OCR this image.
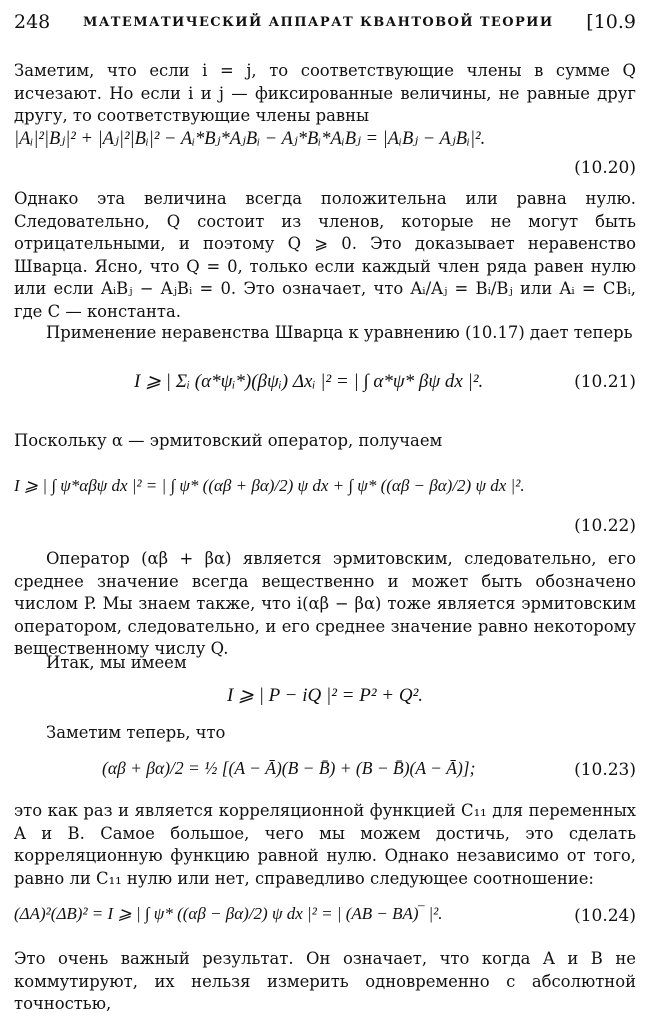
248	МАТЕМАТИЧЕСКИЙ АППАРАТ КВАНТОВОЙ ТЕОРИИ [10.9

Заметим, что если i = j, то соответствующие члены в сумме Q исчезают. Но если i и j — фиксированные величины, не равные друг другу, то соответствующие члены равны

|Aᵢ|²|Bⱼ|² + |Aⱼ|²|Bᵢ|² − Aᵢ*Bⱼ*AⱼBᵢ − Aⱼ*Bᵢ*AᵢBⱼ = |AᵢBⱼ − AⱼBᵢ|².
(10.20)

Однако эта величина всегда положительна или равна нулю. Следовательно, Q состоит из членов, которые не могут быть отрицательными, и поэтому Q ⩾ 0. Это доказывает неравенство Шварца. Ясно, что Q = 0, только если каждый член ряда равен нулю или если AᵢBⱼ − AⱼBᵢ = 0. Это означает, что Aᵢ/Aⱼ = Bᵢ/Bⱼ или Aᵢ = CBᵢ, где C — константа.

Применение неравенства Шварца к уравнению (10.17) дает теперь

I ⩾ | Σᵢ (α*ψᵢ*)(βψᵢ) Δxᵢ |² = | ∫ α*ψ* βψ dx |².	(10.21)

Поскольку α — эрмитовский оператор, получаем

I ⩾ | ∫ ψ*αβψ dx |² = | ∫ ψ* ((αβ + βα)/2) ψ dx + ∫ ψ* ((αβ − βα)/2) ψ dx |².
(10.22)

Оператор (αβ + βα) является эрмитовским, следовательно, его среднее значение всегда вещественно и может быть обозначено числом P. Мы знаем также, что i(αβ − βα) тоже является эрмитовским оператором, следовательно, и его среднее значение равно некоторому вещественному числу Q.

Итак, мы имеем

I ⩾ | P − iQ |² = P² + Q².

Заметим теперь, что

(αβ + βα)/2 = ½ [(A − Ā)(B − B̄) + (B − B̄)(A − Ā)];	(10.23)

это как раз и является корреляционной функцией C₁₁ для переменных A и B. Самое большое, чего мы можем достичь, это сделать корреляционную функцию равной нулю. Однако независимо от того, равно ли C₁₁ нулю или нет, справедливо следующее соотношение:

(ΔA)²(ΔB)² = I ⩾ | ∫ ψ* ((αβ − βα)/2) ψ dx |² = | (AB − BA)‾ |².	(10.24)

Это очень важный результат. Он означает, что когда A и B не коммутируют, их нельзя измерить одновременно с абсолютной точностью,
